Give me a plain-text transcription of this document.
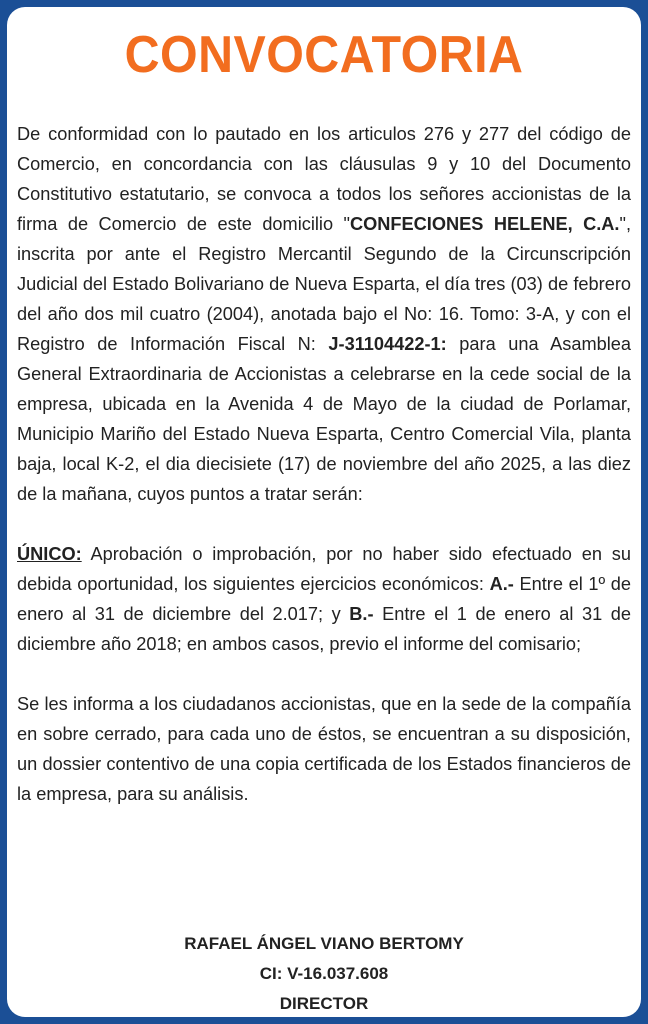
CONVOCATORIA

De conformidad con lo pautado en los articulos 276 y 277 del código de Comercio, en concordancia con las cláusulas 9 y 10 del Documento Constitutivo estatutario, se convoca a todos los señores accionistas de la firma de Comercio de este domicilio "CONFECIONES HELENE, C.A.", inscrita por ante el Registro Mercantil Segundo de la Circunscripción Judicial del Estado Bolivariano de Nueva Esparta, el día tres (03) de febrero del año dos mil cuatro (2004), anotada bajo el No: 16. Tomo: 3-A, y con el Registro de Información Fiscal N: J-31104422-1: para una Asamblea General Extraordinaria de Accionistas a celebrarse en la cede social de la empresa, ubicada en la Avenida 4 de Mayo de la ciudad de Porlamar, Municipio Mariño del Estado Nueva Esparta, Centro Comercial Vila, planta baja, local K-2, el dia diecisiete (17) de noviembre del año 2025, a las diez de la mañana, cuyos puntos a tratar serán:

ÚNICO: Aprobación o improbación, por no haber sido efectuado en su debida oportunidad, los siguientes ejercicios económicos: A.- Entre el 1º de enero al 31 de diciembre del 2.017; y B.- Entre el 1 de enero al 31 de diciembre año 2018; en ambos casos, previo el informe del comisario;

Se les informa a los ciudadanos accionistas, que en la sede de la compañía en sobre cerrado, para cada uno de éstos, se encuentran a su disposición, un dossier contentivo de una copia certificada de los Estados financieros de la empresa, para su análisis.

RAFAEL ÁNGEL VIANO BERTOMY
CI: V-16.037.608
DIRECTOR
